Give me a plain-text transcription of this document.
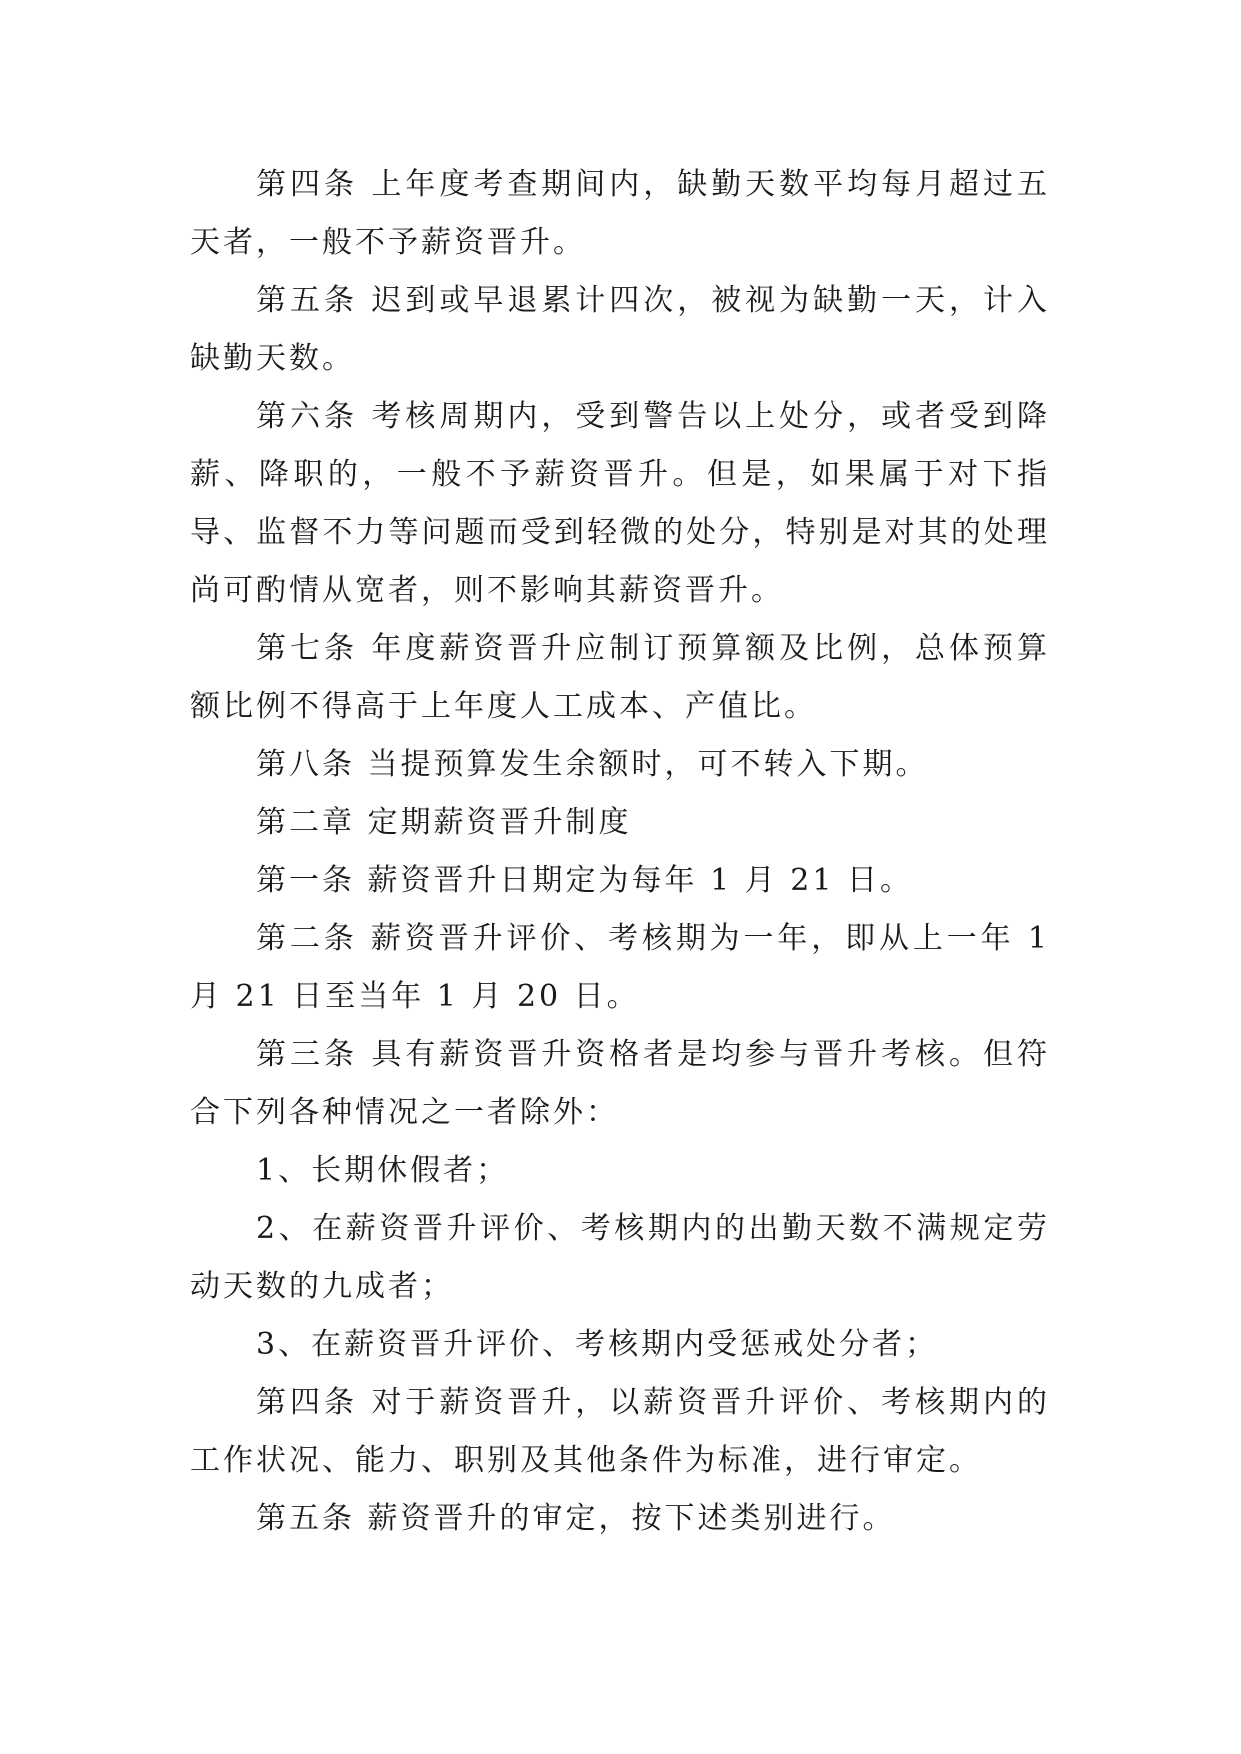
第四条 上年度考查期间内，缺勤天数平均每月超过五天者，一般不予薪资晋升。

第五条 迟到或早退累计四次，被视为缺勤一天，计入缺勤天数。

第六条 考核周期内，受到警告以上处分，或者受到降薪、降职的，一般不予薪资晋升。但是，如果属于对下指导、监督不力等问题而受到轻微的处分，特别是对其的处理尚可酌情从宽者，则不影响其薪资晋升。

第七条 年度薪资晋升应制订预算额及比例，总体预算额比例不得高于上年度人工成本、产值比。

第八条 当提预算发生余额时，可不转入下期。

第二章 定期薪资晋升制度

第一条 薪资晋升日期定为每年 1 月 21 日。

第二条 薪资晋升评价、考核期为一年，即从上一年 1 月 21 日至当年 1 月 20 日。

第三条 具有薪资晋升资格者是均参与晋升考核。但符合下列各种情况之一者除外：

1、长期休假者；

2、在薪资晋升评价、考核期内的出勤天数不满规定劳动天数的九成者；

3、在薪资晋升评价、考核期内受惩戒处分者；

第四条 对于薪资晋升，以薪资晋升评价、考核期内的工作状况、能力、职别及其他条件为标准，进行审定。

第五条 薪资晋升的审定，按下述类别进行。
